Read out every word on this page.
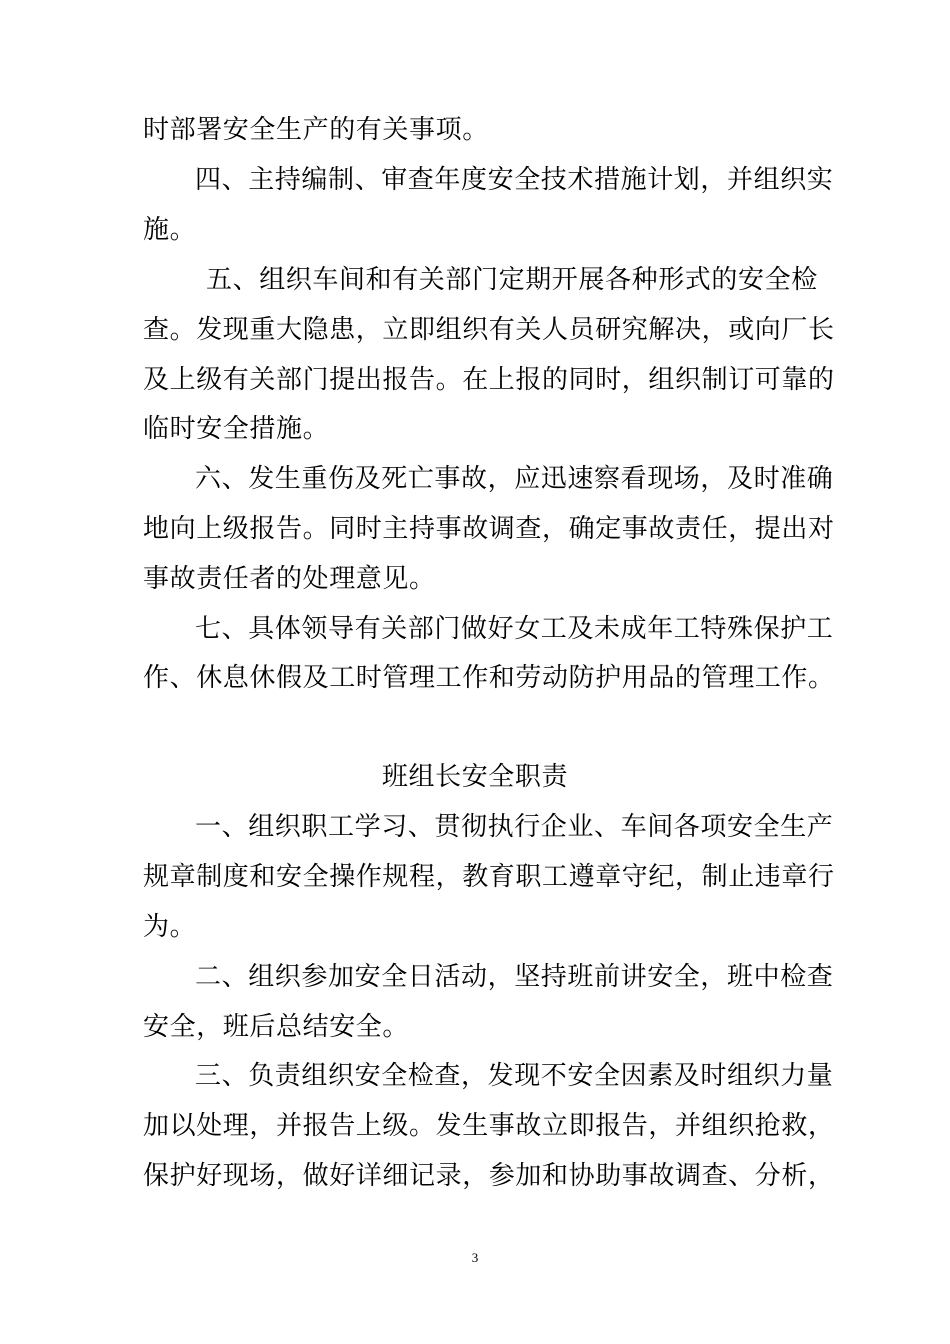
时部署安全生产的有关事项。
四、主持编制、审查年度安全技术措施计划，并组织实
施。
五、组织车间和有关部门定期开展各种形式的安全检
查。发现重大隐患，立即组织有关人员研究解决，或向厂长
及上级有关部门提出报告。在上报的同时，组织制订可靠的
临时安全措施。
六、发生重伤及死亡事故，应迅速察看现场，及时准确
地向上级报告。同时主持事故调查，确定事故责任，提出对
事故责任者的处理意见。
七、具体领导有关部门做好女工及未成年工特殊保护工
作、休息休假及工时管理工作和劳动防护用品的管理工作。
班组长安全职责
一、组织职工学习、贯彻执行企业、车间各项安全生产
规章制度和安全操作规程，教育职工遵章守纪，制止违章行
为。
二、组织参加安全日活动，坚持班前讲安全，班中检查
安全，班后总结安全。
三、负责组织安全检查，发现不安全因素及时组织力量
加以处理，并报告上级。发生事故立即报告，并组织抢救，
保护好现场，做好详细记录，参加和协助事故调查、分析，
3
